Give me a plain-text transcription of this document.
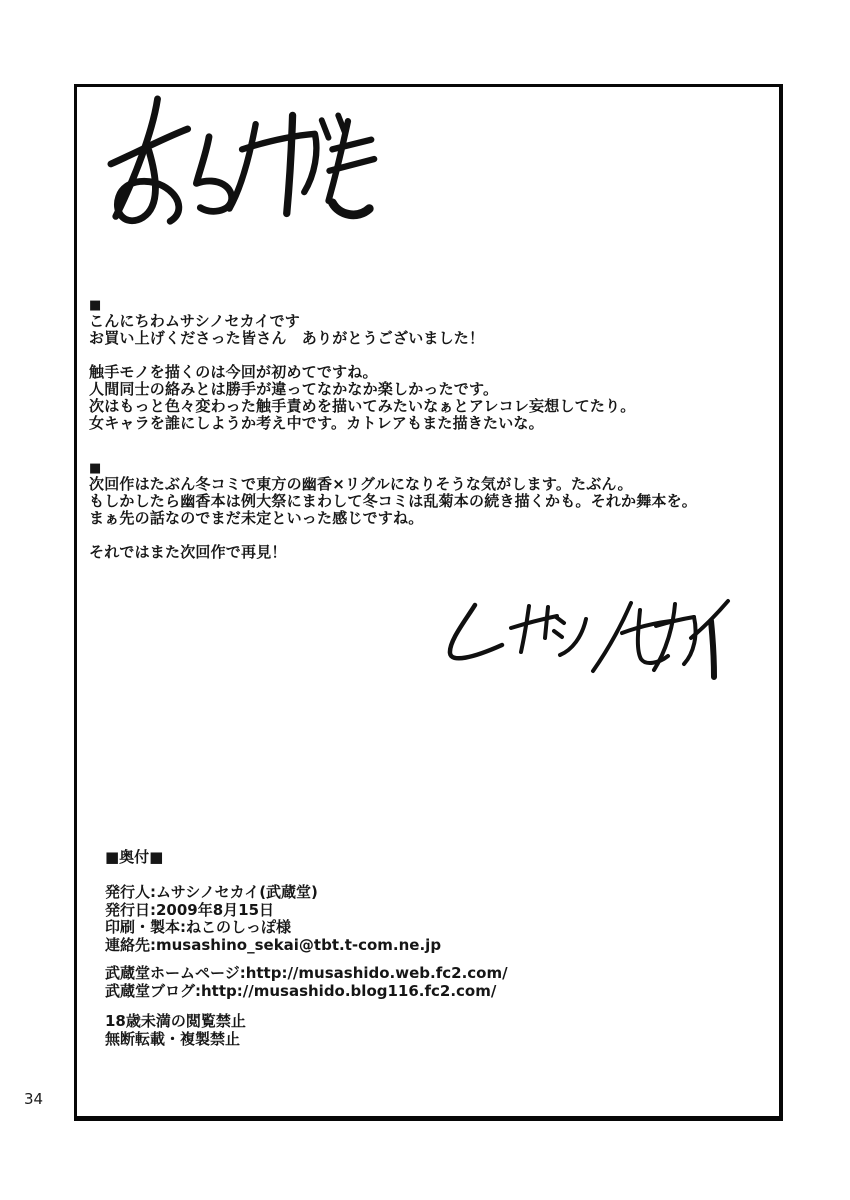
■
こんにちわムサシノセカイです
お買い上げくださった皆さん　ありがとうございました！
触手モノを描くのは今回が初めてですね。
人間同士の絡みとは勝手が違ってなかなか楽しかったです。
次はもっと色々変わった触手責めを描いてみたいなぁとアレコレ妄想してたり。
女キャラを誰にしようか考え中です。カトレアもまた描きたいな。
■
次回作はたぶん冬コミで東方の幽香×リグルになりそうな気がします。たぶん。
もしかしたら幽香本は例大祭にまわして冬コミは乱菊本の続き描くかも。それか舞本を。
まぁ先の話なのでまだ未定といった感じですね。
それではまた次回作で再見！
■奥付■
発行人:ムサシノセカイ(武蔵堂)
発行日:2009年8月15日
印刷・製本:ねこのしっぽ様
連絡先:musashino_sekai@tbt.t-com.ne.jp
武蔵堂ホームページ:http://musashido.web.fc2.com/
武蔵堂ブログ:http://musashido.blog116.fc2.com/
18歳未満の閲覧禁止
無断転載・複製禁止
34
